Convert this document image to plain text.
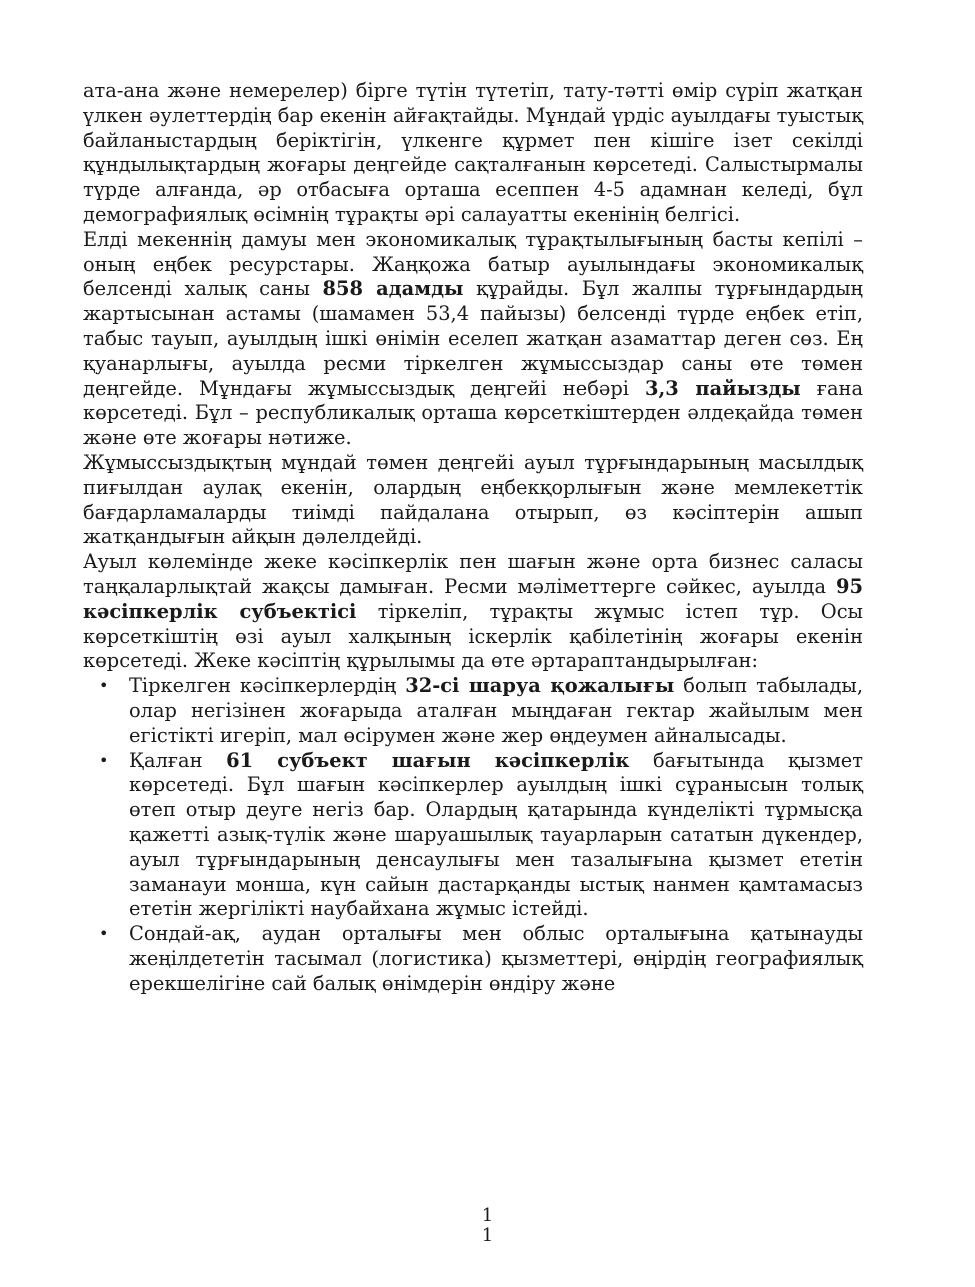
ата-ана және немерелер) бірге түтін түтетіп, тату-тәтті өмір сүріп жатқан үлкен әулеттердің бар екенін айғақтайды. Мұндай үрдіс ауылдағы туыстық байланыстардың беріктігін, үлкенге құрмет пен кішіге ізет секілді құндылықтардың жоғары деңгейде сақталғанын көрсетеді. Салыстырмалы түрде алғанда, әр отбасыға орташа есеппен 4-5 адамнан келеді, бұл демографиялық өсімнің тұрақты әрі салауатты екенінің белгісі.

Елді мекеннің дамуы мен экономикалық тұрақтылығының басты кепілі – оның еңбек ресурстары. Жаңқожа батыр ауылындағы экономикалық белсенді халық саны 858 адамды құрайды. Бұл жалпы тұрғындардың жартысынан астамы (шамамен 53,4 пайызы) белсенді түрде еңбек етіп, табыс тауып, ауылдың ішкі өнімін еселеп жатқан азаматтар деген сөз. Ең қуанарлығы, ауылда ресми тіркелген жұмыссыздар саны өте төмен деңгейде. Мұндағы жұмыссыздық деңгейі небәрі 3,3 пайызды ғана көрсетеді. Бұл – республикалық орташа көрсеткіштерден әлдеқайда төмен және өте жоғары нәтиже.

Жұмыссыздықтың мұндай төмен деңгейі ауыл тұрғындарының масылдық пиғылдан аулақ екенін, олардың еңбекқорлығын және мемлекеттік бағдарламаларды тиімді пайдалана отырып, өз кәсіптерін ашып жатқандығын айқын дәлелдейді.

Ауыл көлемінде жеке кәсіпкерлік пен шағын және орта бизнес саласы таңқаларлықтай жақсы дамыған. Ресми мәліметтерге сәйкес, ауылда 95 кәсіпкерлік субъектісі тіркеліп, тұрақты жұмыс істеп тұр. Осы көрсеткіштің өзі ауыл халқының іскерлік қабілетінің жоғары екенін көрсетеді. Жеке кәсіптің құрылымы да өте әртараптандырылған:

• Тіркелген кәсіпкерлердің 32-сі шаруа қожалығы болып табылады, олар негізінен жоғарыда аталған мыңдаған гектар жайылым мен егістікті игеріп, мал өсірумен және жер өңдеумен айналысады.
• Қалған 61 субъект шағын кәсіпкерлік бағытында қызмет көрсетеді. Бұл шағын кәсіпкерлер ауылдың ішкі сұранысын толық өтеп отыр деуге негіз бар. Олардың қатарында күнделікті тұрмысқа қажетті азық-түлік және шаруашылық тауарларын сататын дүкендер, ауыл тұрғындарының денсаулығы мен тазалығына қызмет ететін заманауи монша, күн сайын дастарқанды ыстық нанмен қамтамасыз ететін жергілікті наубайхана жұмыс істейді.
• Сондай-ақ, аудан орталығы мен облыс орталығына қатынауды жеңілдететін тасымал (логистика) қызметтері, өңірдің географиялық ерекшелігіне сай балық өнімдерін өндіру және
1
1
